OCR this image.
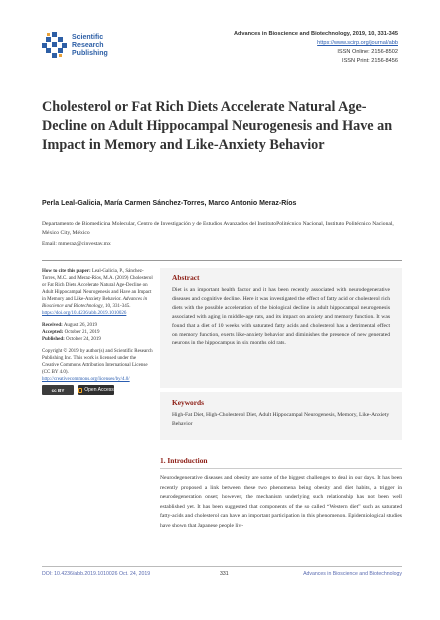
Scientific
Research
Publishing
Advances in Bioscience and Biotechnology, 2019, 10, 331-345
https://www.scirp.org/journal/abb
ISSN Online: 2156-8502
ISSN Print: 2156-8456
Cholesterol or Fat Rich Diets Accelerate Natural Age-Decline on Adult Hippocampal Neurogenesis and Have an Impact in Memory and Like-Anxiety Behavior
Perla Leal-Galicia, María Carmen Sánchez-Torres, Marco Antonio Meraz-Ríos
Departamento de Biomedicina Molecular, Centro de Investigación y de Estudios Avanzados del InstitutoPolitécnico Nacional, Instituto Politécnico Nacional, México City, México
Email: mmeraz@cinvestav.mx
How to cite this paper: Leal-Galicia, P., Sánchez-Torres, M.C. and Meraz-Ríos, M.A. (2019) Cholesterol or Fat Rich Diets Accelerate Natural Age-Decline on Adult Hippocampal Neurogenesis and Have an Impact in Memory and Like-Anxiety Behavior. Advances in Bioscience and Biotechnology, 10, 331-345. https://doi.org/10.4236/abb.2019.1010026
Received: August 26, 2019
Accepted: October 21, 2019
Published: October 24, 2019
Copyright © 2019 by author(s) and Scientific Research Publishing Inc. This work is licensed under the Creative Commons Attribution International License (CC BY 4.0). http://creativecommons.org/licenses/by/4.0/
cc BY	Open Access
Abstract
Diet is an important health factor and it has been recently associated with neurodegenerative diseases and cognitive decline. Here it was investigated the effect of fatty acid or cholesterol rich diets with the possible acceleration of the biological decline in adult hippocampal neurogenesis associated with aging in middle-age rats, and its impact on anxiety and memory function. It was found that a diet of 10 weeks with saturated fatty acids and cholesterol has a detrimental effect on memory function, exerts like-anxiety behavior and diminishes the presence of new generated neurons in the hippocampus in six months old rats.
Keywords
High-Fat Diet, High-Cholesterol Diet, Adult Hippocampal Neurogenesis, Memory, Like-Anxiety Behavior
1. Introduction
Neurodegenerative diseases and obesity are some of the biggest challenges to deal in our days. It has been recently proposed a link between these two phenomena being obesity and diet habits, a trigger in neurodegeneration onset; however, the mechanism underlying such relationship has not been well established yet. It has been suggested that components of the so called “Western diet” such as saturated fatty-acids and cholesterol can have an important participation in this phenomenon. Epidemiological studies have shown that Japanese people liv-
DOI: 10.4236/abb.2019.1010026 Oct. 24, 2019	331	Advances in Bioscience and Biotechnology
